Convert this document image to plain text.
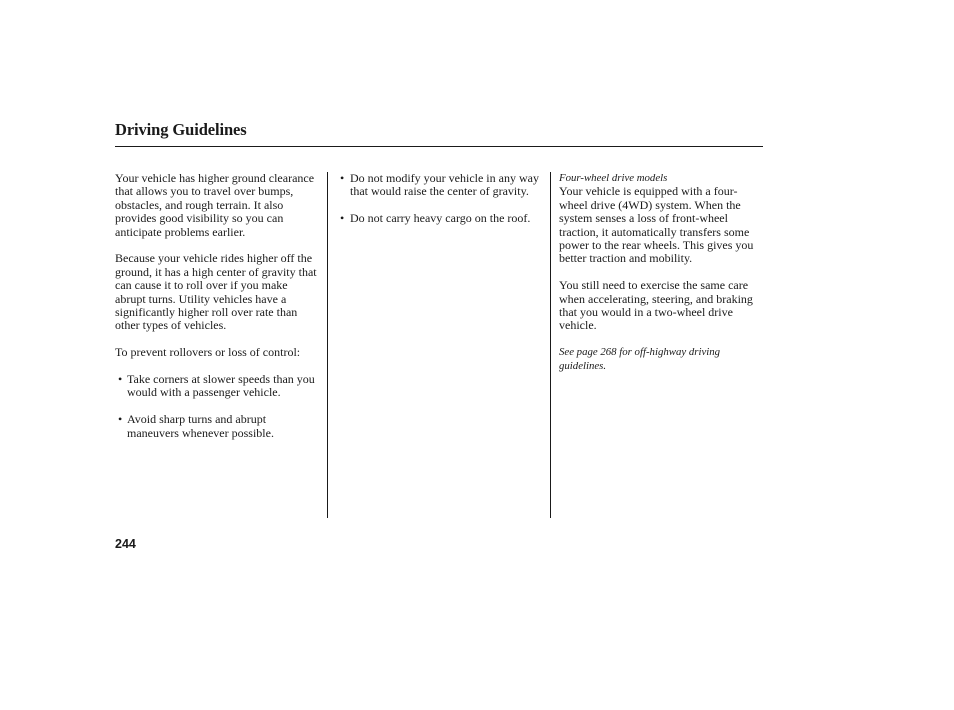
Driving Guidelines

Your vehicle has higher ground clearance that allows you to travel over bumps, obstacles, and rough terrain. It also provides good visibility so you can anticipate problems earlier.

Because your vehicle rides higher off the ground, it has a high center of gravity that can cause it to roll over if you make abrupt turns. Utility vehicles have a significantly higher roll over rate than other types of vehicles.

To prevent rollovers or loss of control:

• Take corners at slower speeds than you would with a passenger vehicle.
• Avoid sharp turns and abrupt maneuvers whenever possible.
• Do not modify your vehicle in any way that would raise the center of gravity.
• Do not carry heavy cargo on the roof.
Four-wheel drive models

Your vehicle is equipped with a four-wheel drive (4WD) system. When the system senses a loss of front-wheel traction, it automatically transfers some power to the rear wheels. This gives you better traction and mobility.

You still need to exercise the same care when accelerating, steering, and braking that you would in a two-wheel drive vehicle.

See page 268 for off-highway driving guidelines.

244
